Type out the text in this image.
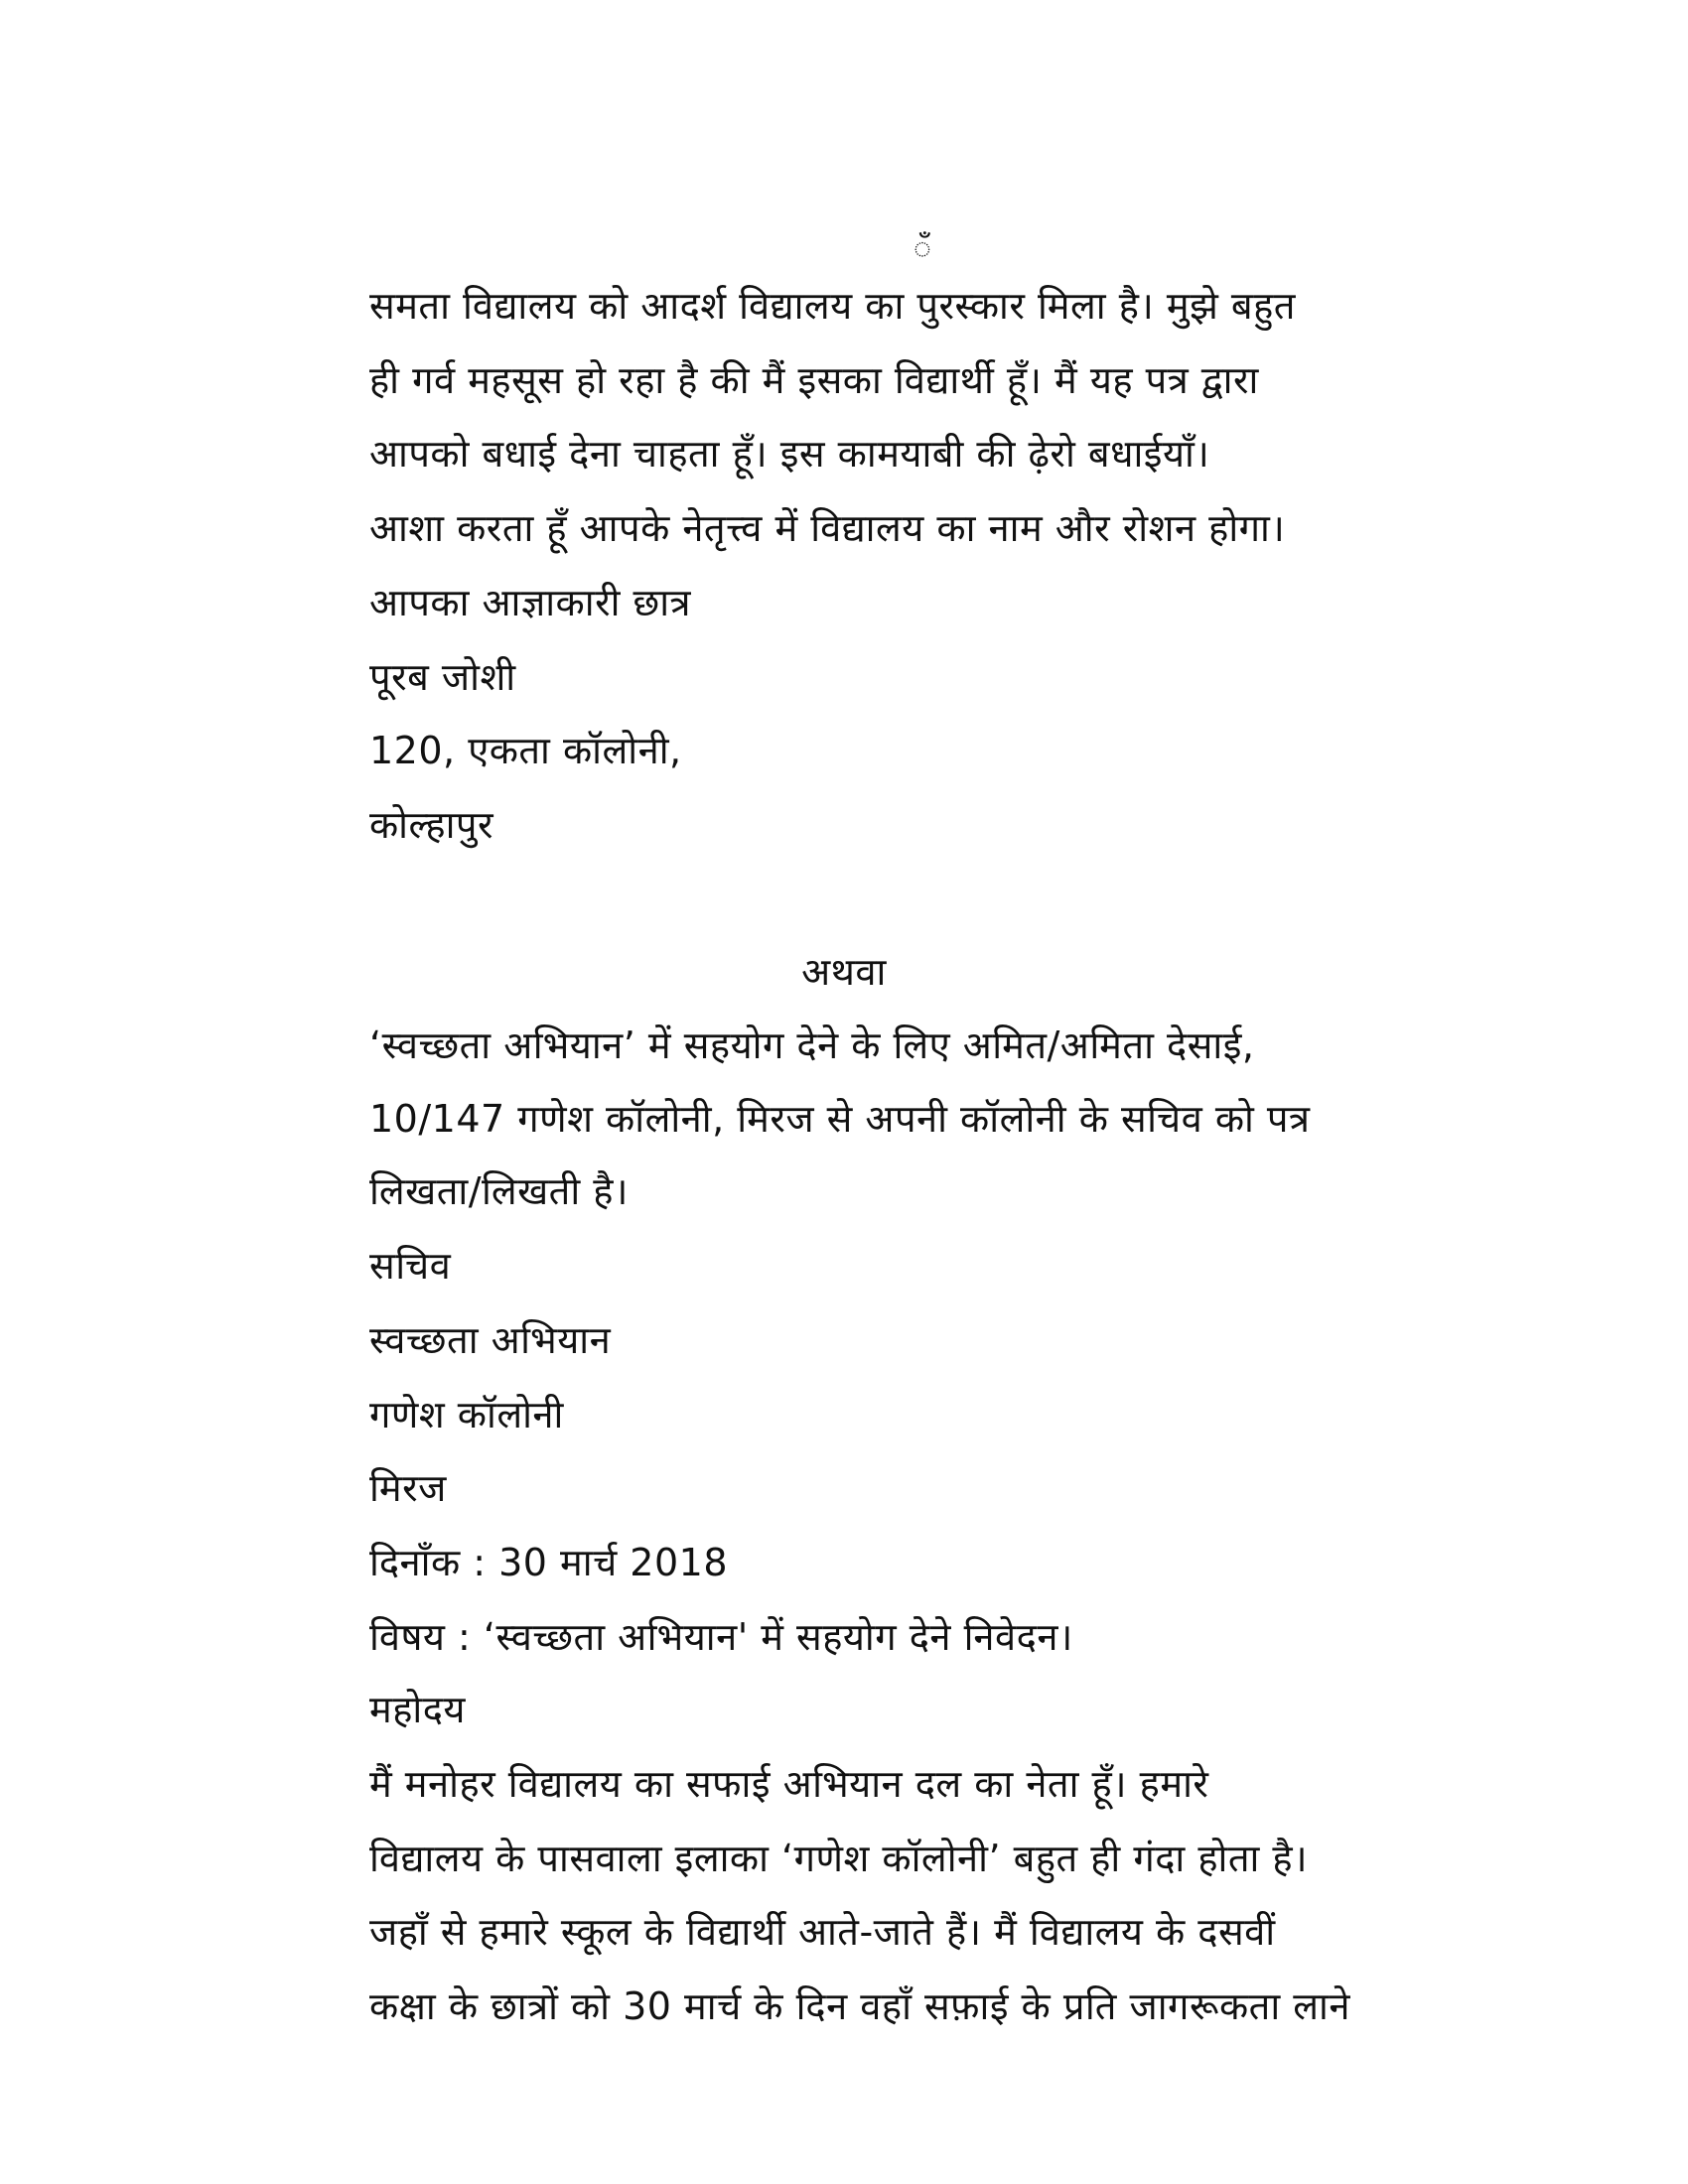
ँ
समता विद्यालय को आदर्श विद्यालय का पुरस्कार मिला है। मुझे बहुत
ही गर्व महसूस हो रहा है की मैं इसका विद्यार्थी हूँ। मैं यह पत्र द्वारा
आपको बधाई देना चाहता हूँ। इस कामयाबी की ढ़ेरो बधाईयाँ।
आशा करता हूँ आपके नेतृत्त्व में विद्यालय का नाम और रोशन होगा।
आपका आज्ञाकारी छात्र
पूरब जोशी
120, एकता कॉलोनी,
कोल्हापुर
अथवा
‘स्वच्छता अभियान’ में सहयोग देने के लिए अमित/अमिता देसाई,
10/147 गणेश कॉलोनी, मिरज से अपनी कॉलोनी के सचिव को पत्र
लिखता/लिखती है।
सचिव
स्वच्छता अभियान
गणेश कॉलोनी
मिरज
दिनाँक : 30 मार्च 2018
विषय : ‘स्वच्छता अभियान' में सहयोग देने निवेदन।
महोदय
मैं मनोहर विद्यालय का सफाई अभियान दल का नेता हूँ। हमारे
विद्यालय के पासवाला इलाका ‘गणेश कॉलोनी’ बहुत ही गंदा होता है।
जहाँ से हमारे स्कूल के विद्यार्थी आते-जाते हैं। मैं विद्यालय के दसवीं
कक्षा के छात्रों को 30 मार्च के दिन वहाँ सफ़ाई के प्रति जागरूकता लाने
